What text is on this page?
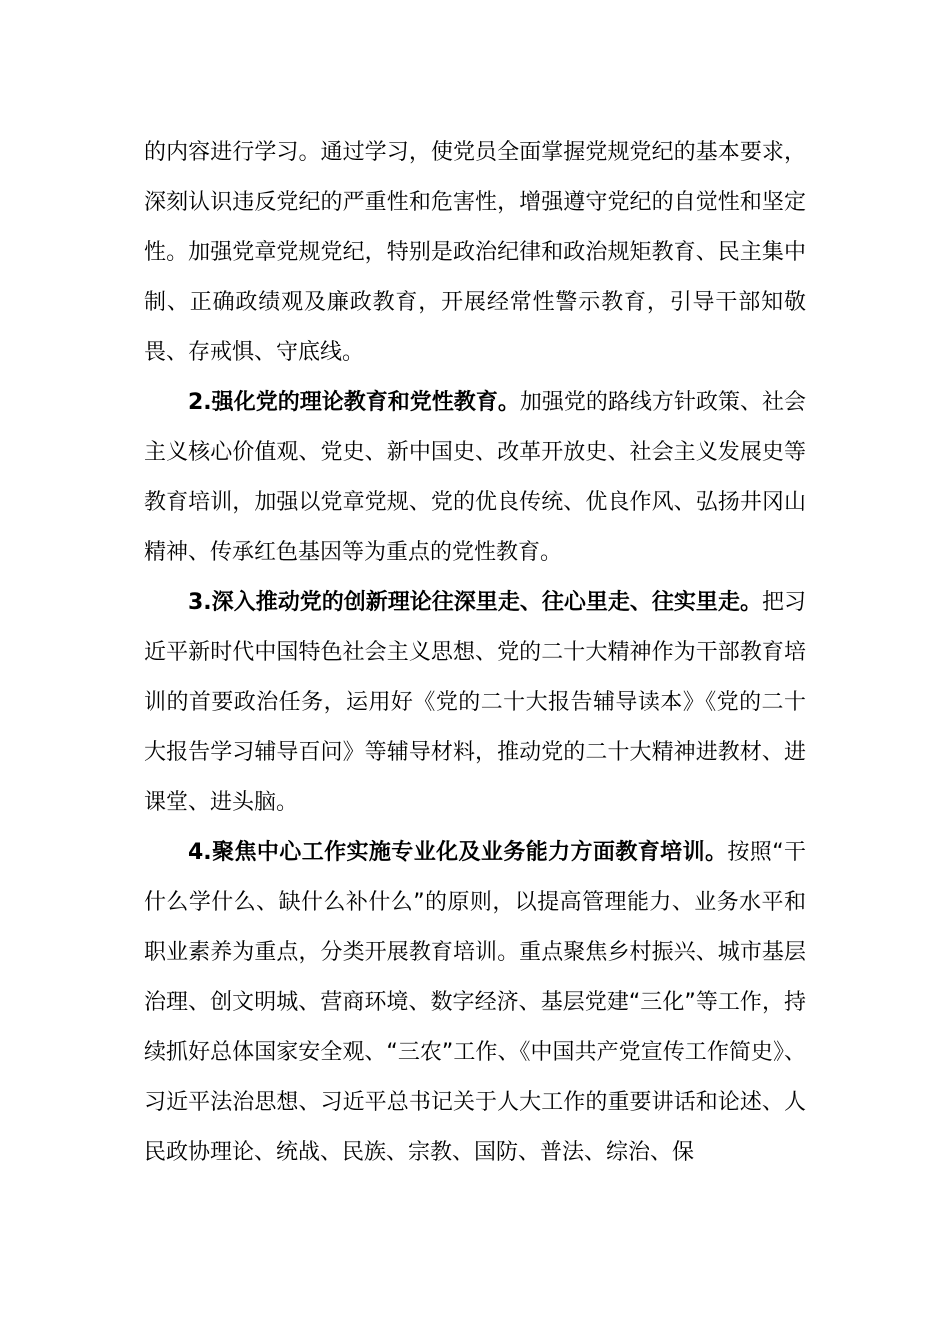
的内容进行学习。通过学习，使党员全面掌握党规党纪的基本要求，深刻认识违反党纪的严重性和危害性，增强遵守党纪的自觉性和坚定性。加强党章党规党纪，特别是政治纪律和政治规矩教育、民主集中制、正确政绩观及廉政教育，开展经常性警示教育，引导干部知敬畏、存戒惧、守底线。

2.强化党的理论教育和党性教育。加强党的路线方针政策、社会主义核心价值观、党史、新中国史、改革开放史、社会主义发展史等教育培训，加强以党章党规、党的优良传统、优良作风、弘扬井冈山精神、传承红色基因等为重点的党性教育。

3.深入推动党的创新理论往深里走、往心里走、往实里走。把习近平新时代中国特色社会主义思想、党的二十大精神作为干部教育培训的首要政治任务，运用好《党的二十大报告辅导读本》《党的二十大报告学习辅导百问》等辅导材料，推动党的二十大精神进教材、进课堂、进头脑。

4.聚焦中心工作实施专业化及业务能力方面教育培训。按照“干什么学什么、缺什么补什么”的原则，以提高管理能力、业务水平和职业素养为重点，分类开展教育培训。重点聚焦乡村振兴、城市基层治理、创文明城、营商环境、数字经济、基层党建“三化”等工作，持续抓好总体国家安全观、“三农”工作、《中国共产党宣传工作简史》、习近平法治思想、习近平总书记关于人大工作的重要讲话和论述、人民政协理论、统战、民族、宗教、国防、普法、综治、保
